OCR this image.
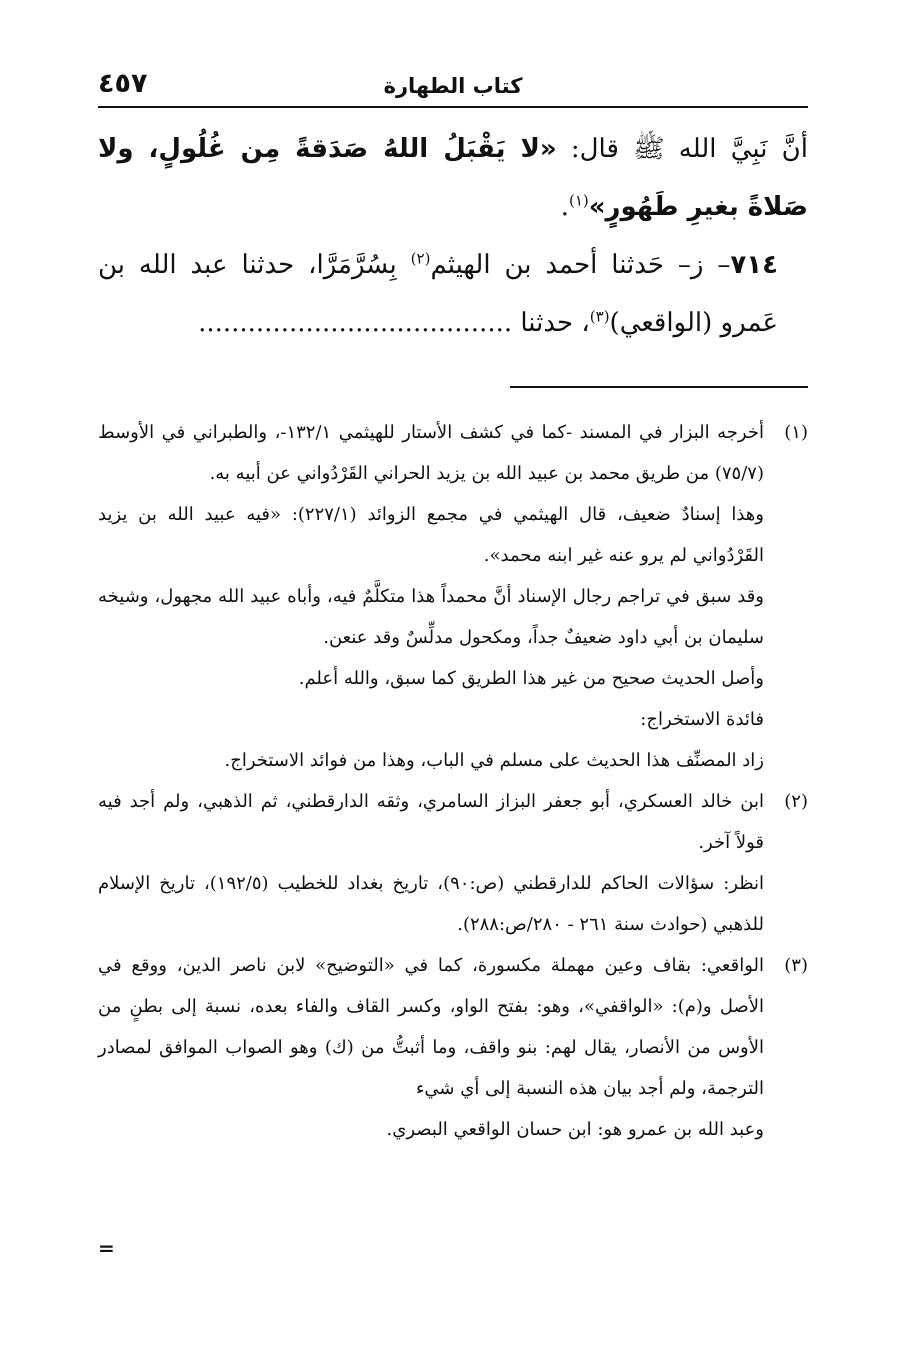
كتاب الطهارة
٤٥٧

أنَّ نَبِيَّ الله ﷺ قال: «لا يَقْبَلُ اللهُ صَدَقةً مِن غُلُولٍ، ولا صَلاةً بغيرِ طَهُورٍ»$^{(١)}$.

٧١٤– ز– حَدثنا أحمد بن الهيثم$^{(٢)}$ بِسُرَّمَرَّا، حدثنا عبد الله بن عَمرو (الواقعي)$^{(٣)}$، حدثنا ......................................

(١)

أخرجه البزار في المسند -كما في كشف الأستار للهيثمي ١٣٢/١-، والطبراني في الأوسط (٧٥/٧) من طريق محمد بن عبيد الله بن يزيد الحراني القَرْدُواني عن أبيه به.

وهذا إسنادٌ ضعيف، قال الهيثمي في مجمع الزوائد (٢٢٧/١): «فيه عبيد الله بن يزيد القَرْدُواني لم يرو عنه غير ابنه محمد».

وقد سبق في تراجم رجال الإسناد أنَّ محمداً هذا متكلَّمٌ فيه، وأباه عبيد الله مجهول، وشيخه سليمان بن أبي داود ضعيفٌ جداً، ومكحول مدلِّسٌ وقد عنعن.

وأصل الحديث صحيح من غير هذا الطريق كما سبق، والله أعلم.

فائدة الاستخراج:

زاد المصنِّف هذا الحديث على مسلم في الباب، وهذا من فوائد الاستخراج.

(٢)

ابن خالد العسكري، أبو جعفر البزاز السامري، وثقه الدارقطني، ثم الذهبي، ولم أجد فيه قولاً آخر.

انظر: سؤالات الحاكم للدارقطني (ص:٩٠)، تاريخ بغداد للخطيب (١٩٢/٥)، تاريخ الإسلام للذهبي (حوادث سنة ٢٦١ - ٢٨٠/ص:٢٨٨).

(٣)

الواقعي: بقاف وعين مهملة مكسورة، كما في «التوضيح» لابن ناصر الدين، ووقع في الأصل و(م): «الواقفي»، وهو: بفتح الواو، وكسر القاف والفاء بعده، نسبة إلى بطنٍ من الأوس من الأنصار، يقال لهم: بنو واقف، وما أثبتُّ من (ك) وهو الصواب الموافق لمصادر الترجمة، ولم أجد بيان هذه النسبة إلى أي شيء

وعبد الله بن عمرو هو: ابن حسان الواقعي البصري.

=
